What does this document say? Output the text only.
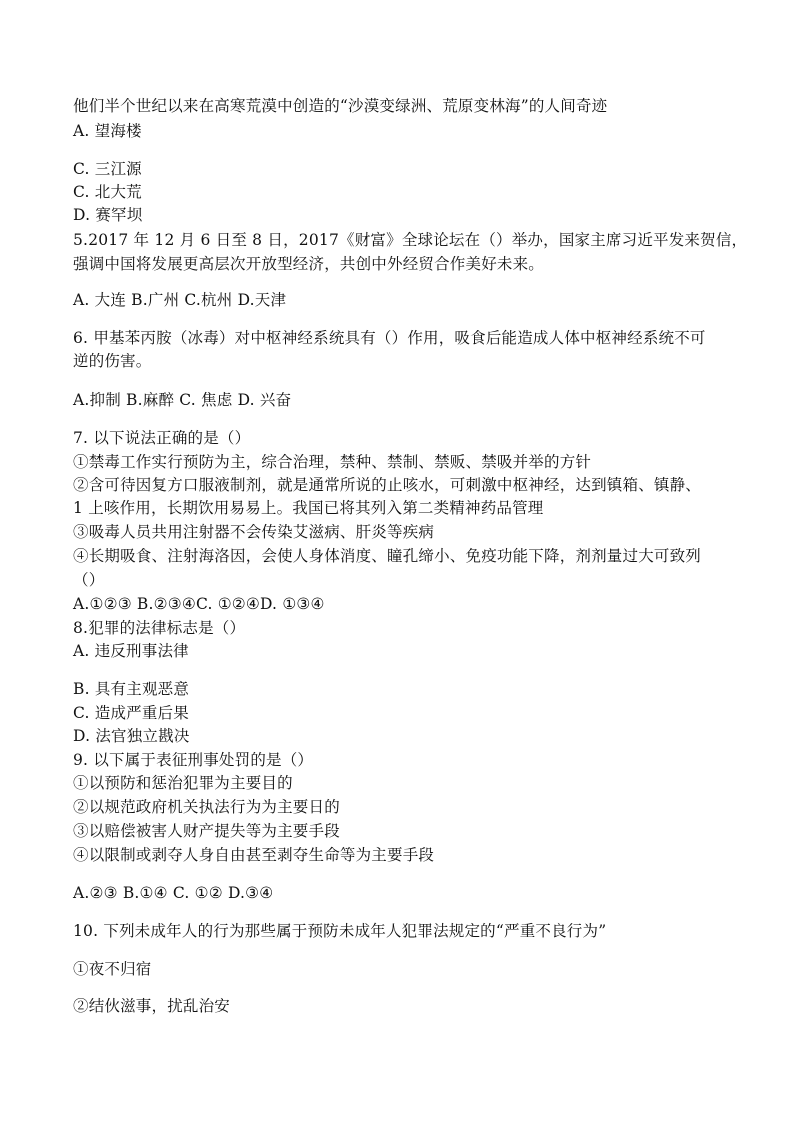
他们半个世纪以来在高寒荒漠中创造的“沙漠变绿洲、荒原变林海”的人间奇迹
A. 望海楼
C. 三江源
C. 北大荒
D. 赛罕坝
5.2017 年 12 月 6 日至 8 日，2017《财富》全球论坛在（）举办，国家主席习近平发来贺信，
强调中国将发展更高层次开放型经济，共创中外经贸合作美好未来。
A. 大连 B.广州 C.杭州 D.天津
6. 甲基苯丙胺（冰毒）对中枢神经系统具有（）作用，吸食后能造成人体中枢神经系统不可
逆的伤害。
A.抑制 B.麻醉 C. 焦虑 D. 兴奋
7. 以下说法正确的是（）
①禁毒工作实行预防为主，综合治理，禁种、禁制、禁贩、禁吸并举的方针
②含可待因复方口服液制剂，就是通常所说的止咳水，可刺激中枢神经，达到镇箱、镇静、
1 上咳作用，长期饮用易易上。我国已将其列入第二类精神药品管理
③吸毒人员共用注射器不会传染艾滋病、肝炎等疾病
④长期吸食、注射海洛因，会使人身体消度、瞳孔缔小、免疫功能下降，剂剂量过大可致列
（）
A.①②③ B.②③④C. ①②④D. ①③④
8.犯罪的法律标志是（）
A. 违反刑事法律
B. 具有主观恶意
C. 造成严重后果
D. 法官独立戡决
9. 以下属于表征刑事处罚的是（）
①以预防和惩治犯罪为主要目的
②以规范政府机关执法行为为主要日的
③以赔偿被害人财产提失等为主要手段
④以限制或剥夺人身自由甚至剥夺生命等为主要手段
A.②③ B.①④ C. ①② D.③④
10. 下列未成年人的行为那些属于预防未成年人犯罪法规定的“严重不良行为”
①夜不归宿
②结伙滋事，扰乱治安
